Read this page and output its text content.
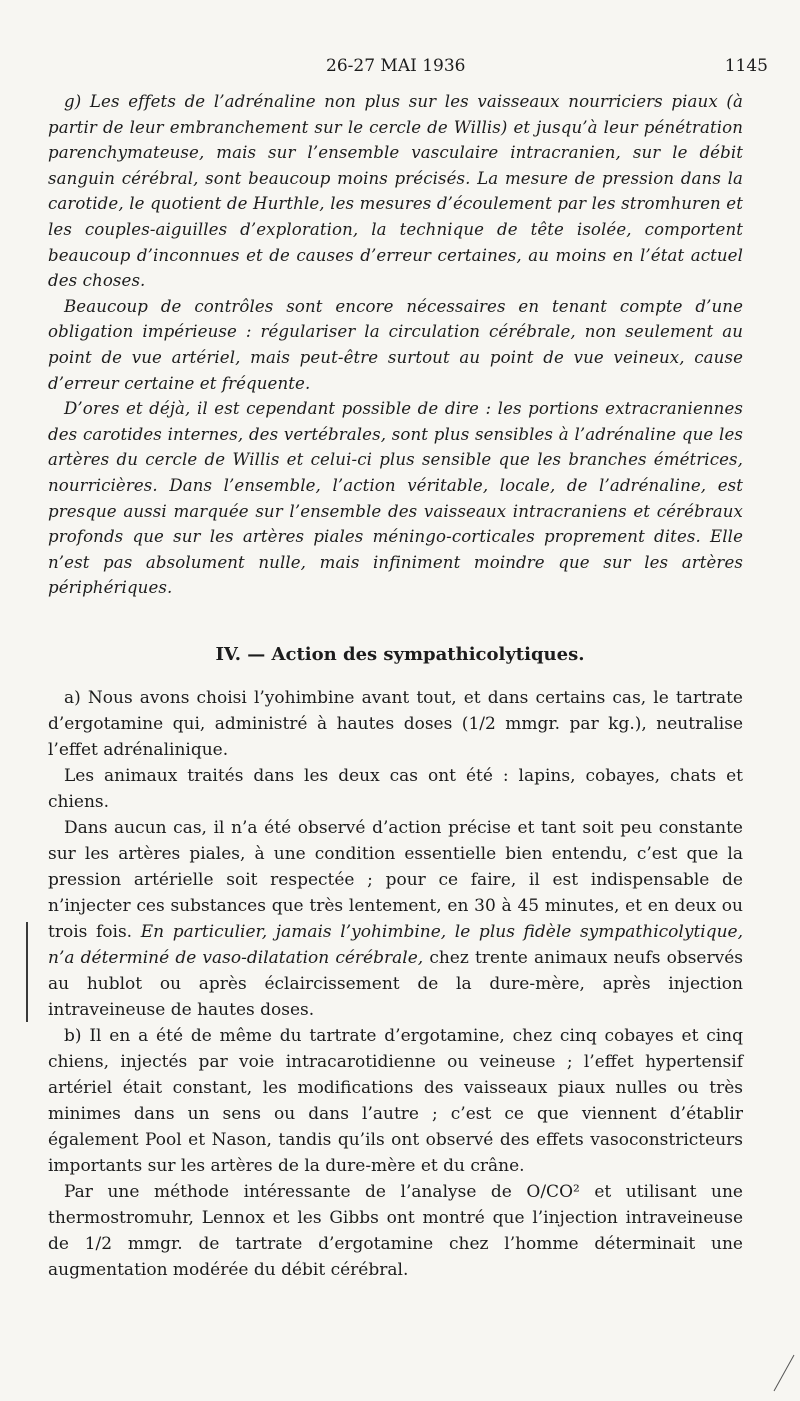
26-27 MAI 1936	1145

g) Les effets de l’adrénaline non plus sur les vaisseaux nourriciers piaux (à partir de leur embranchement sur le cercle de Willis) et jusqu’à leur pénétration parenchymateuse, mais sur l’ensemble vasculaire intracranien, sur le débit sanguin cérébral, sont beaucoup moins précisés. La mesure de pression dans la carotide, le quotient de Hurthle, les mesures d’écoulement par les stromhuren et les couples-aiguilles d’exploration, la technique de tête isolée, comportent beaucoup d’inconnues et de causes d’erreur certaines, au moins en l’état actuel des choses.

Beaucoup de contrôles sont encore nécessaires en tenant compte d’une obligation impérieuse : régulariser la circulation cérébrale, non seulement au point de vue artériel, mais peut-être surtout au point de vue veineux, cause d’erreur certaine et fréquente.

D’ores et déjà, il est cependant possible de dire : les portions extracraniennes des carotides internes, des vertébrales, sont plus sensibles à l’adrénaline que les artères du cercle de Willis et celui-ci plus sensible que les branches émétrices, nourricières. Dans l’ensemble, l’action véritable, locale, de l’adrénaline, est presque aussi marquée sur l’ensemble des vaisseaux intracraniens et cérébraux profonds que sur les artères piales méningo-corticales proprement dites. Elle n’est pas absolument nulle, mais infiniment moindre que sur les artères périphériques.

IV. — Action des sympathicolytiques.

a) Nous avons choisi l’yohimbine avant tout, et dans certains cas, le tartrate d’ergotamine qui, administré à hautes doses (1/2 mmgr. par kg.), neutralise l’effet adrénalinique.

Les animaux traités dans les deux cas ont été : lapins, cobayes, chats et chiens.

Dans aucun cas, il n’a été observé d’action précise et tant soit peu constante sur les artères piales, à une condition essentielle bien entendu, c’est que la pression artérielle soit respectée ; pour ce faire, il est indispensable de n’injecter ces substances que très lentement, en 30 à 45 minutes, et en deux ou trois fois. En particulier, jamais l’yohimbine, le plus fidèle sympathicolytique, n’a déterminé de vaso-dilatation cérébrale, chez trente animaux neufs observés au hublot ou après éclaircissement de la dure-mère, après injection intraveineuse de hautes doses.

b) Il en a été de même du tartrate d’ergotamine, chez cinq cobayes et cinq chiens, injectés par voie intracarotidienne ou veineuse ; l’effet hypertensif artériel était constant, les modifications des vaisseaux piaux nulles ou très minimes dans un sens ou dans l’autre ; c’est ce que viennent d’établir également Pool et Nason, tandis qu’ils ont observé des effets vasoconstricteurs importants sur les artères de la dure-mère et du crâne.

Par une méthode intéressante de l’analyse de O/CO² et utilisant une thermostromuhr, Lennox et les Gibbs ont montré que l’injection intraveineuse de 1/2 mmgr. de tartrate d’ergotamine chez l’homme déterminait une augmentation modérée du débit cérébral.
